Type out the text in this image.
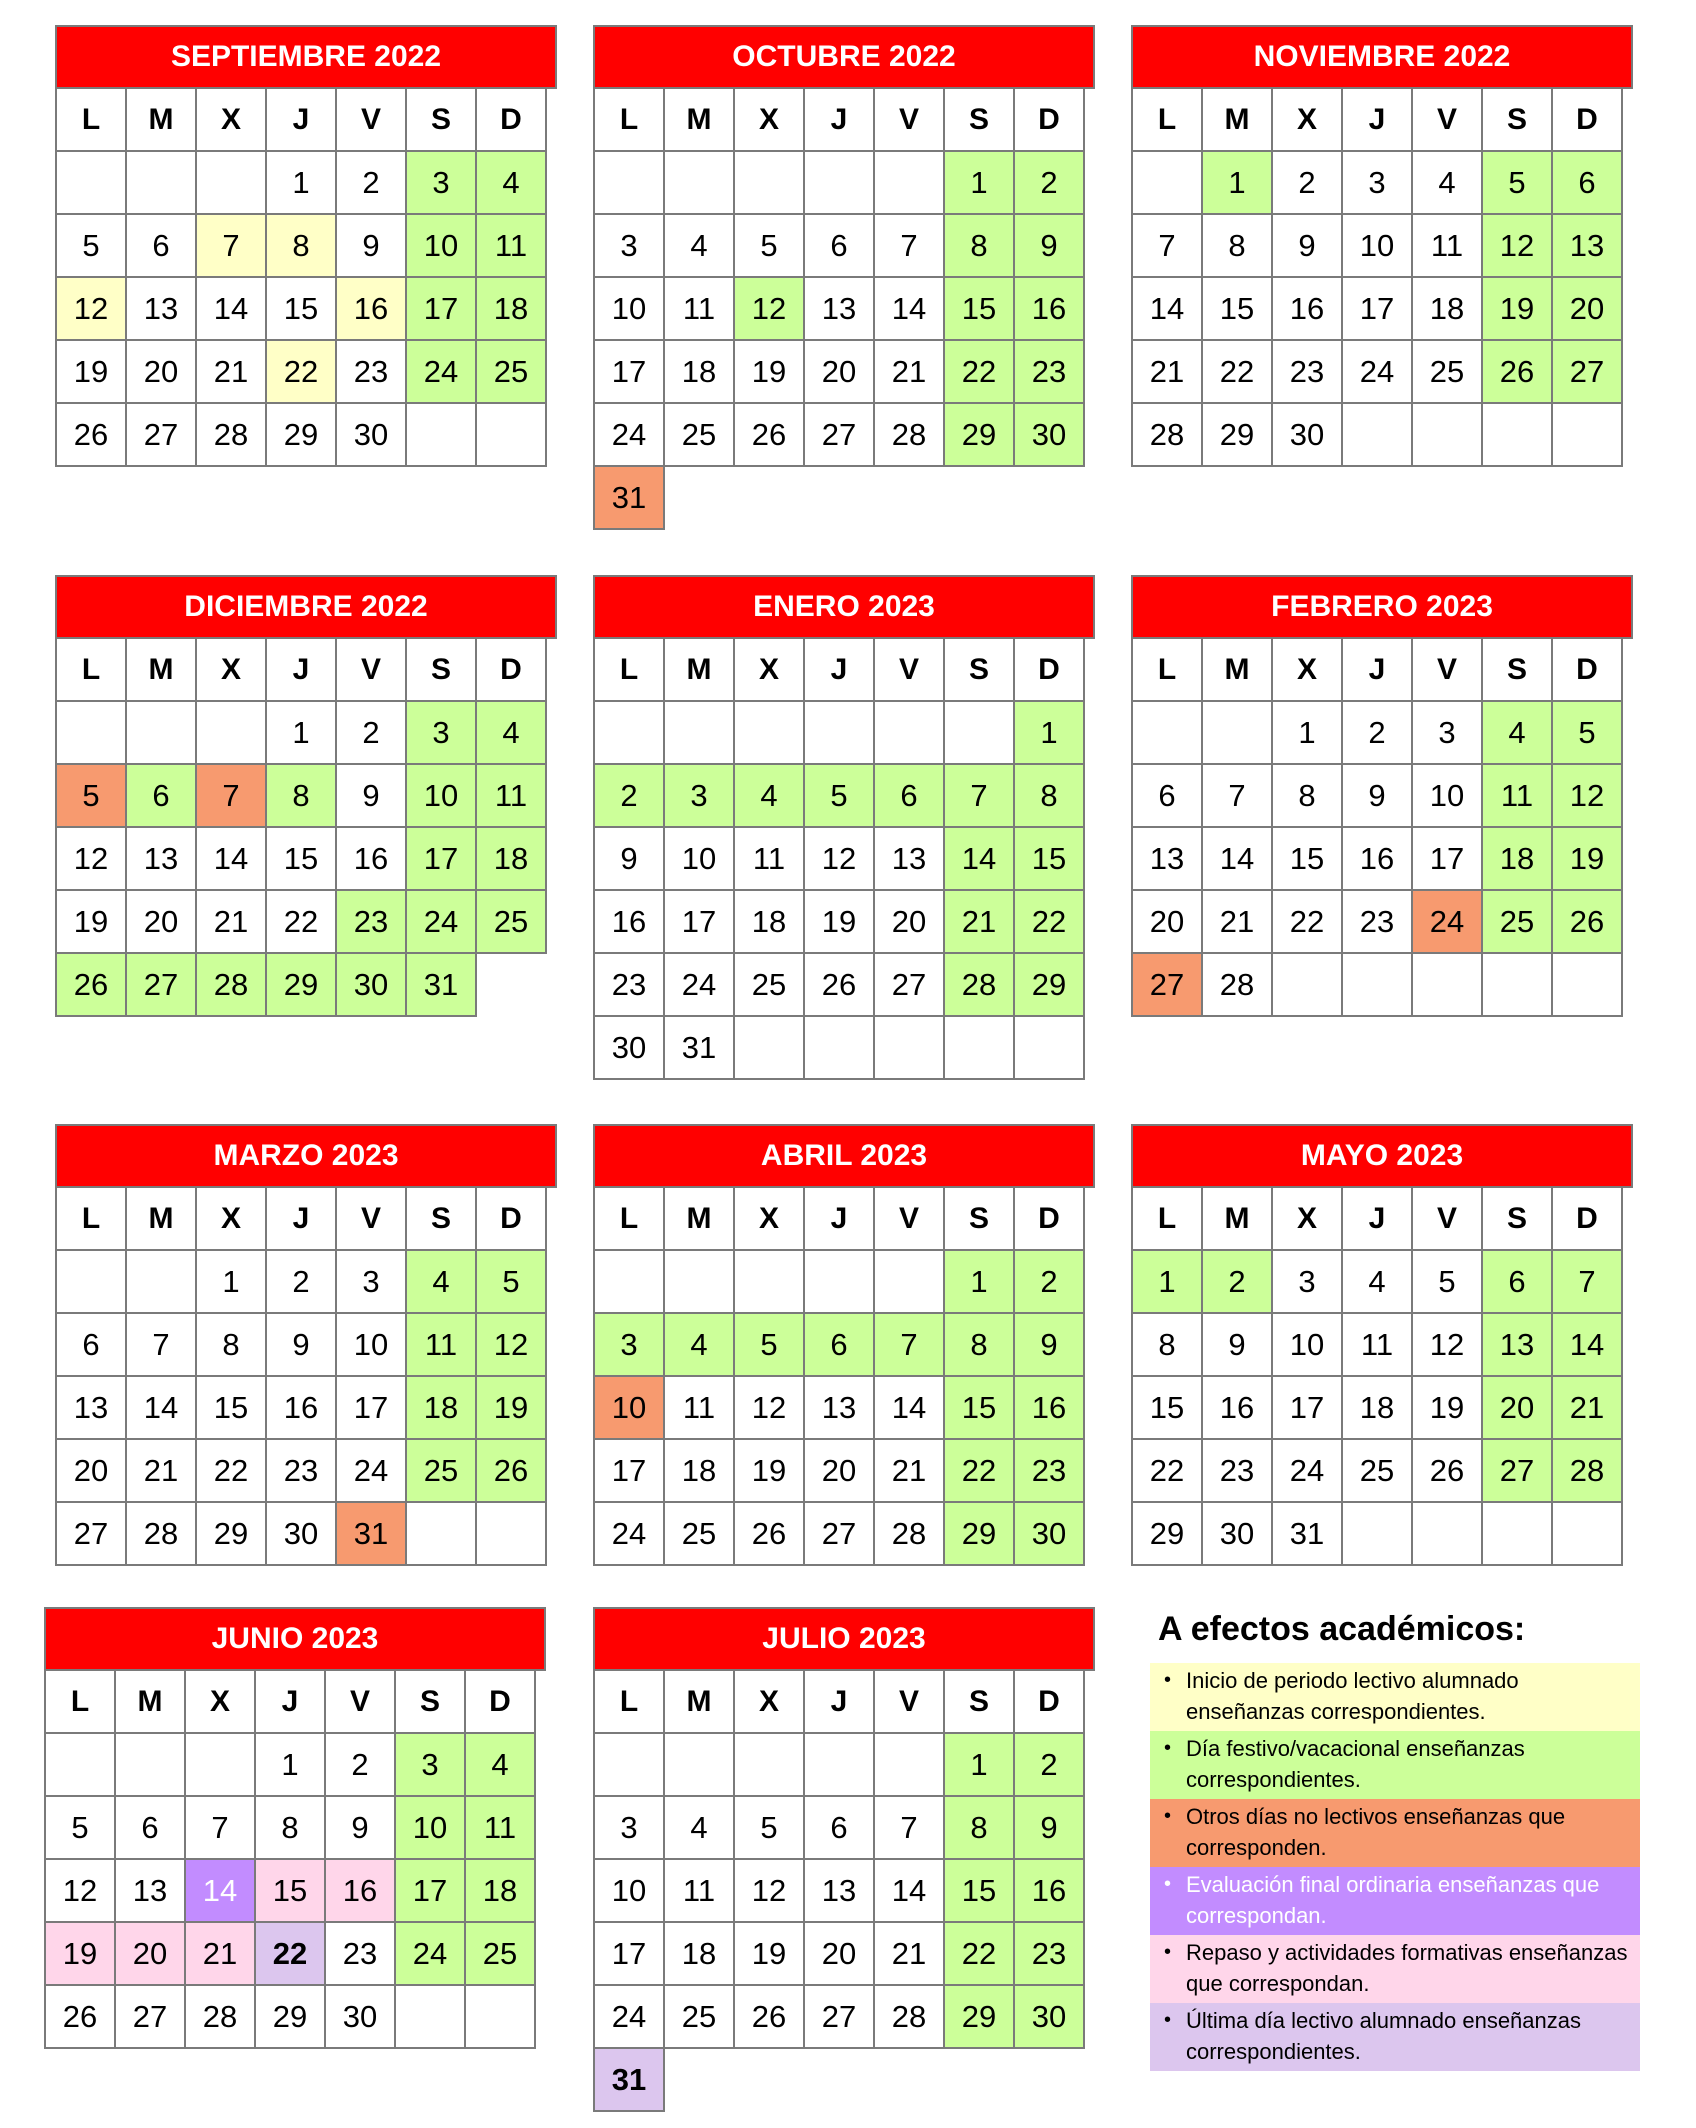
SEPTIEMBRE 2022
L	M	X	J	V	S	D
			1	2	3	4
5	6	7	8	9	10	11
12	13	14	15	16	17	18
19	20	21	22	23	24	25
26	27	28	29	30		
OCTUBRE 2022
L	M	X	J	V	S	D
					1	2
3	4	5	6	7	8	9
10	11	12	13	14	15	16
17	18	19	20	21	22	23
24	25	26	27	28	29	30
31						
NOVIEMBRE 2022
L	M	X	J	V	S	D
	1	2	3	4	5	6
7	8	9	10	11	12	13
14	15	16	17	18	19	20
21	22	23	24	25	26	27
28	29	30				
DICIEMBRE 2022
L	M	X	J	V	S	D
			1	2	3	4
5	6	7	8	9	10	11
12	13	14	15	16	17	18
19	20	21	22	23	24	25
26	27	28	29	30	31	
ENERO 2023
L	M	X	J	V	S	D
						1
2	3	4	5	6	7	8
9	10	11	12	13	14	15
16	17	18	19	20	21	22
23	24	25	26	27	28	29
30	31					
FEBRERO 2023
L	M	X	J	V	S	D
		1	2	3	4	5
6	7	8	9	10	11	12
13	14	15	16	17	18	19
20	21	22	23	24	25	26
27	28					
MARZO 2023
L	M	X	J	V	S	D
		1	2	3	4	5
6	7	8	9	10	11	12
13	14	15	16	17	18	19
20	21	22	23	24	25	26
27	28	29	30	31		
ABRIL 2023
L	M	X	J	V	S	D
					1	2
3	4	5	6	7	8	9
10	11	12	13	14	15	16
17	18	19	20	21	22	23
24	25	26	27	28	29	30
MAYO 2023
L	M	X	J	V	S	D
1	2	3	4	5	6	7
8	9	10	11	12	13	14
15	16	17	18	19	20	21
22	23	24	25	26	27	28
29	30	31				
JUNIO 2023
L	M	X	J	V	S	D
			1	2	3	4
5	6	7	8	9	10	11
12	13	14	15	16	17	18
19	20	21	22	23	24	25
26	27	28	29	30		
JULIO 2023
L	M	X	J	V	S	D
					1	2
3	4	5	6	7	8	9
10	11	12	13	14	15	16
17	18	19	20	21	22	23
24	25	26	27	28	29	30
31						
A efectos académicos:
• Inicio de periodo lectivo alumnado enseñanzas correspondientes.
• Día festivo/vacacional enseñanzas correspondientes.
• Otros días no lectivos enseñanzas que corresponden.
• Evaluación final ordinaria enseñanzas que correspondan.
• Repaso y actividades formativas enseñanzas que correspondan.
• Última día lectivo alumnado enseñanzas correspondientes.
